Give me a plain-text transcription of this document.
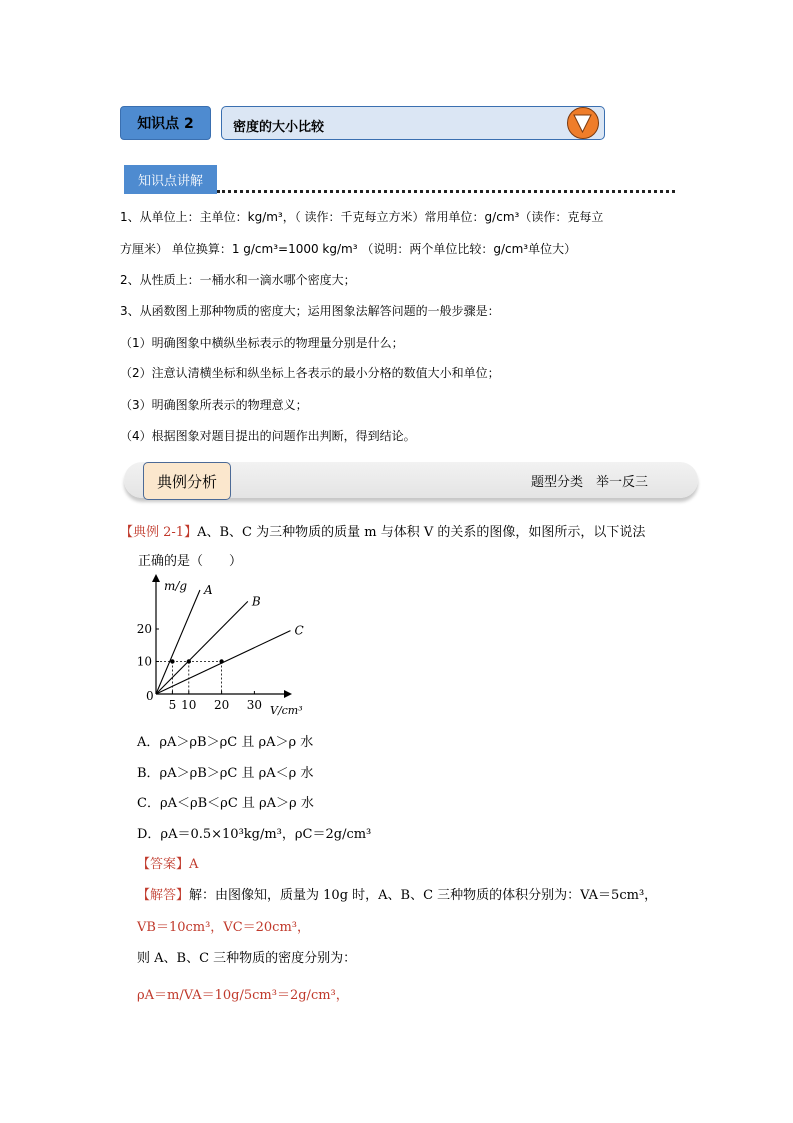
知识点 2	密度的大小比较
知识点讲解
1、从单位上：主单位：kg/m³，（ 读作：千克每立方米）常用单位：g/cm³（读作：克每立
方厘米） 单位换算：1 g/cm³=1000 kg/m³ （说明：两个单位比较：g/cm³单位大）
2、从性质上：一桶水和一滴水哪个密度大；
3、从函数图上那种物质的密度大；运用图象法解答问题的一般步骤是：
（1）明确图象中横纵坐标表示的物理量分别是什么；
（2）注意认清横坐标和纵坐标上各表示的最小分格的数值大小和单位；
（3）明确图象所表示的物理意义；
（4）根据图象对题目提出的问题作出判断，得到结论。
典例分析	题型分类　举一反三
【典例 2-1】A、B、C 为三种物质的质量 m 与体积 V 的关系的图像，如图所示，以下说法
正确的是（　　）
m/g
V/cm³
0
5 10 20 30
10
20
A
B
C
A．ρA＞ρB＞ρC 且 ρA＞ρ 水
B．ρA＞ρB＞ρC 且 ρA＜ρ 水
C．ρA＜ρB＜ρC 且 ρA＞ρ 水
D．ρA＝0.5×10³kg/m³，ρC＝2g/cm³
【答案】A
【解答】解：由图像知，质量为 10g 时，A、B、C 三种物质的体积分别为：VA＝5cm³，
VB＝10cm³，VC＝20cm³，
则 A、B、C 三种物质的密度分别为：
ρA＝m/VA＝10g/5cm³＝2g/cm³，
